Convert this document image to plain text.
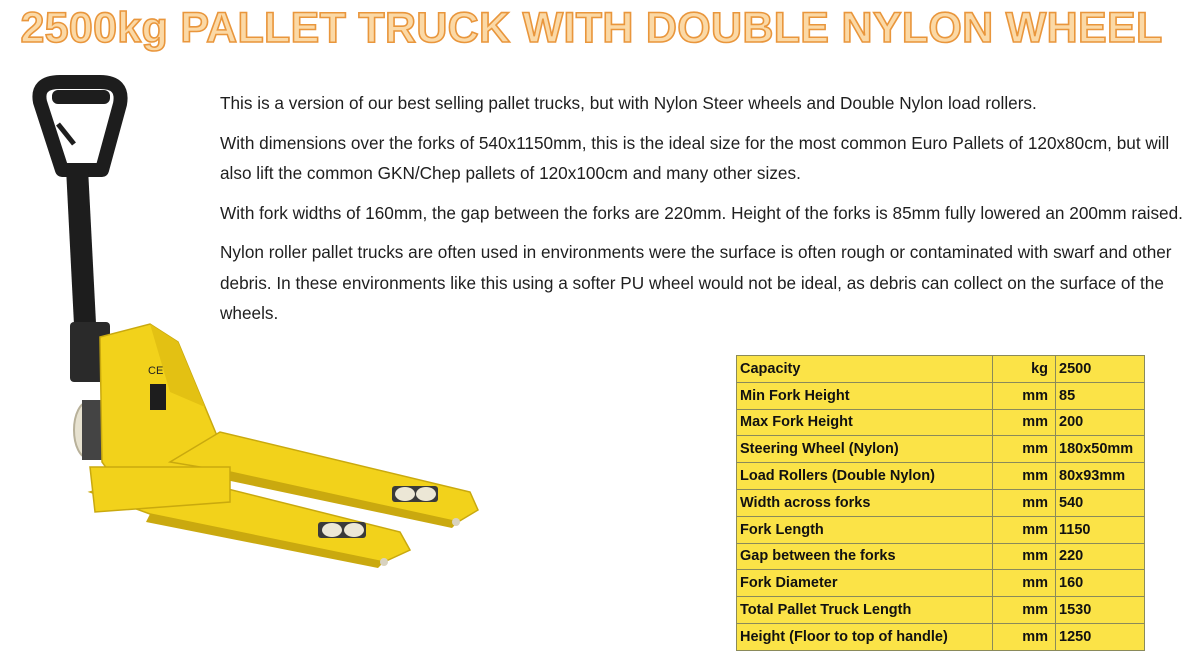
2500kg PALLET TRUCK WITH DOUBLE NYLON WHEEL
CE

This is a version of our best selling pallet trucks, but with Nylon Steer wheels and Double Nylon load rollers.

With dimensions over the forks of 540x1150mm, this is the ideal size for the most common Euro Pallets of 120x80cm, but will also lift the common GKN/Chep pallets of 120x100cm and many other sizes.

With fork widths of 160mm, the gap between the forks are 220mm. Height of the forks is 85mm fully lowered an 200mm raised.

Nylon roller pallet trucks are often used in environments were the surface is often rough or contaminated with swarf and other debris. In these environments like this using a softer PU wheel would not be ideal, as debris can collect on the surface of the wheels.

Capacity	kg	2500
Min Fork Height	mm	85
Max Fork Height	mm	200
Steering Wheel (Nylon)	mm	180x50mm
Load Rollers (Double Nylon)	mm	80x93mm
Width across forks	mm	540
Fork Length	mm	1150
Gap between the forks	mm	220
Fork Diameter	mm	160
Total Pallet Truck Length	mm	1530
Height (Floor to top of handle)	mm	1250
